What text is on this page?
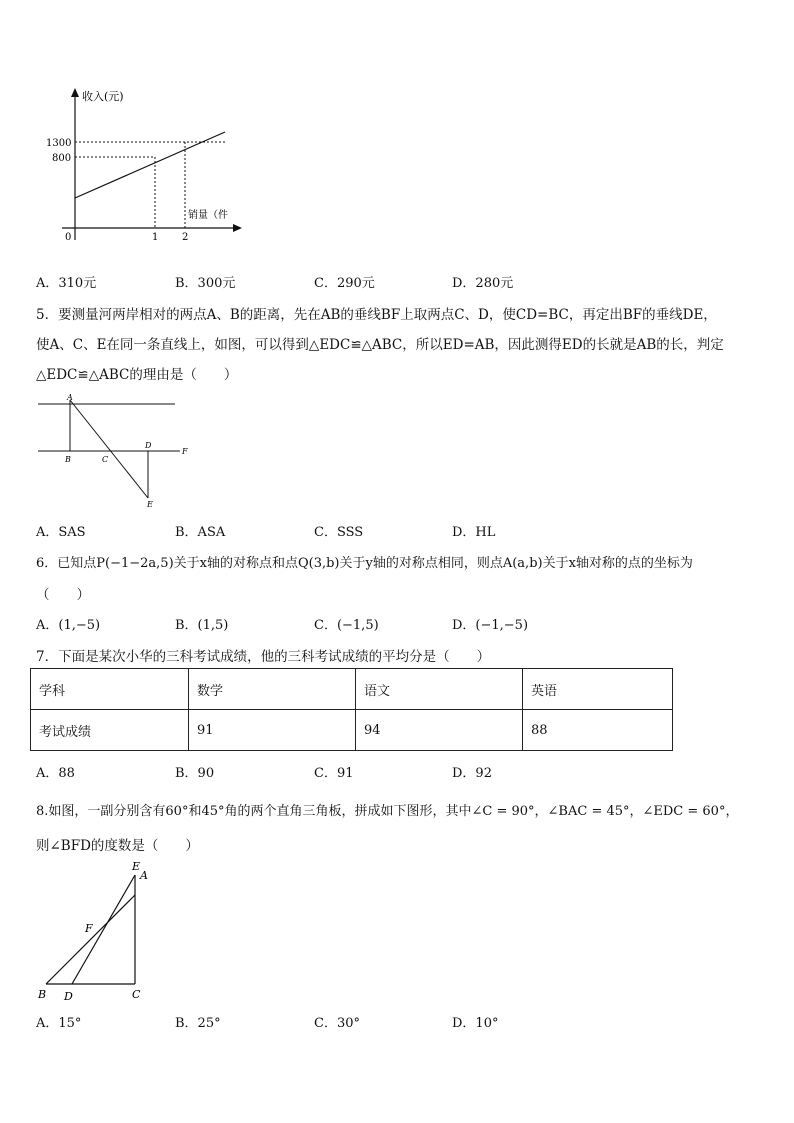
收入(元)
销量（件
1300
800
0	1 2
A．310元	B．300元	C．290元	D．280元
5．要测量河两岸相对的两点A、B的距离，先在AB的垂线BF上取两点C、D，使CD=BC，再定出BF的垂线DE，
使A、C、E在同一条直线上，如图，可以得到△EDC≌△ABC，所以ED=AB，因此测得ED的长就是AB的长，判定
△EDC≌△ABC的理由是（　　）
A
B	C
D
E
F
A．SAS	B．ASA	C．SSS	D．HL
6．已知点P(−1−2a,5)关于x轴的对称点和点Q(3,b)关于y轴的对称点相同，则点A(a,b)关于x轴对称的点的坐标为
（　　）
A．(1,−5)	B．(1,5)	C．(−1,5)	D．(−1,−5)
7．下面是某次小华的三科考试成绩，他的三科考试成绩的平均分是（　　）
学科	数学	语文	英语
考试成绩	91	94	88
A．88	B．90	C．91	D．92
8.如图，一副分别含有60°和45°角的两个直角三角板，拼成如下图形，其中∠C = 90°，∠BAC = 45°，∠EDC = 60°，
则∠BFD的度数是（　　）
E
A
F
B D	C
A．15°	B．25°	C．30°	D．10°
